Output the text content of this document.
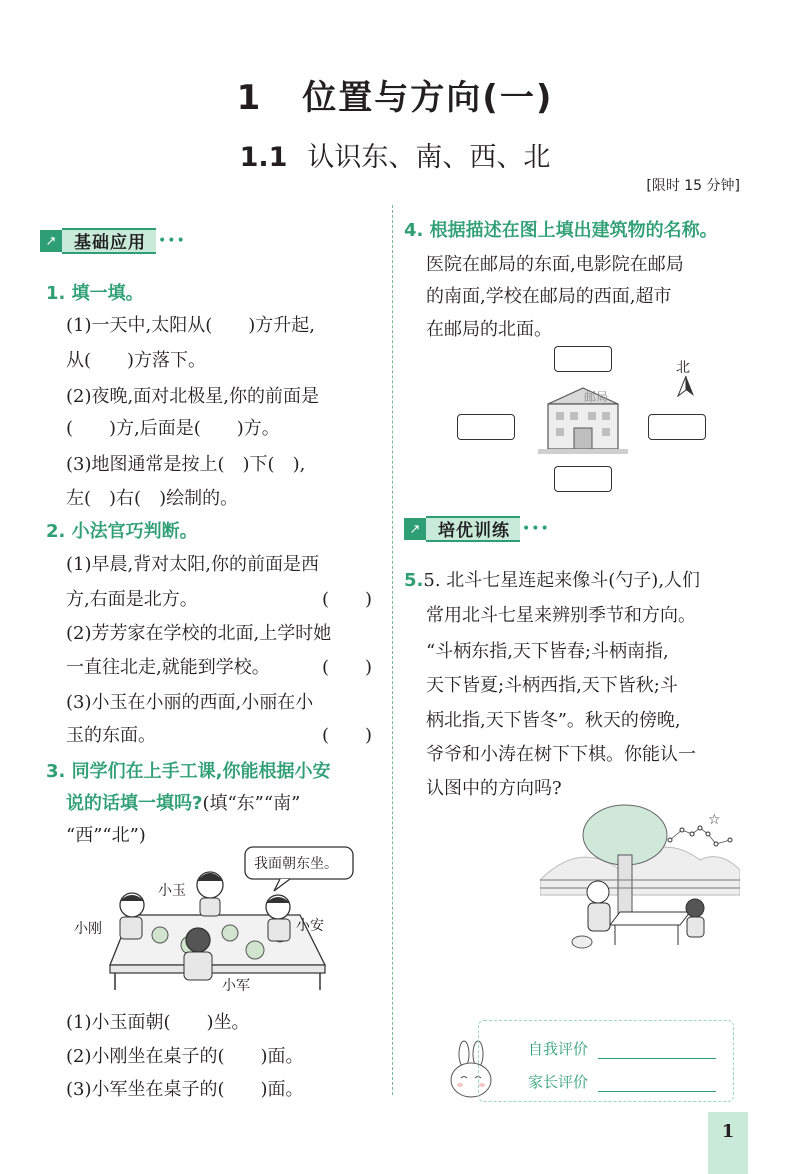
1 位置与方向(一)
1.1 认识东、南、西、北
[限时 15 分钟]
↗	基础应用 •••
1. 填一填。
(1)一天中,太阳从(　　)方升起,
从(　　)方落下。
(2)夜晚,面对北极星,你的前面是
(　　)方,后面是(　　)方。
(3)地图通常是按上(　)下(　),
左(　)右(　)绘制的。
2. 小法官巧判断。
(1)早晨,背对太阳,你的前面是西
方,右面是北方。	(　　)
(2)芳芳家在学校的北面,上学时她
一直往北走,就能到学校。	(　　)
(3)小玉在小丽的西面,小丽在小
玉的东面。	(　　)
3. 同学们在上手工课,你能根据小安
说的话填一填吗?(填“东”“南”
“西”“北”)
我面朝东坐。
小玉
小刚	小安
小军
(1)小玉面朝(　　)坐。
(2)小刚坐在桌子的(　　)面。
(3)小军坐在桌子的(　　)面。
4. 根据描述在图上填出建筑物的名称。
医院在邮局的东面,电影院在邮局
的南面,学校在邮局的西面,超市
在邮局的北面。
邮局
北
↗	培优训练 •••
5.5. 北斗七星连起来像斗(勺子),人们
常用北斗七星来辨别季节和方向。
“斗柄东指,天下皆春;斗柄南指,
天下皆夏;斗柄西指,天下皆秋;斗
柄北指,天下皆冬”。秋天的傍晚,
爷爷和小涛在树下下棋。你能认一
认图中的方向吗?
☆
自我评价
家长评价
1
